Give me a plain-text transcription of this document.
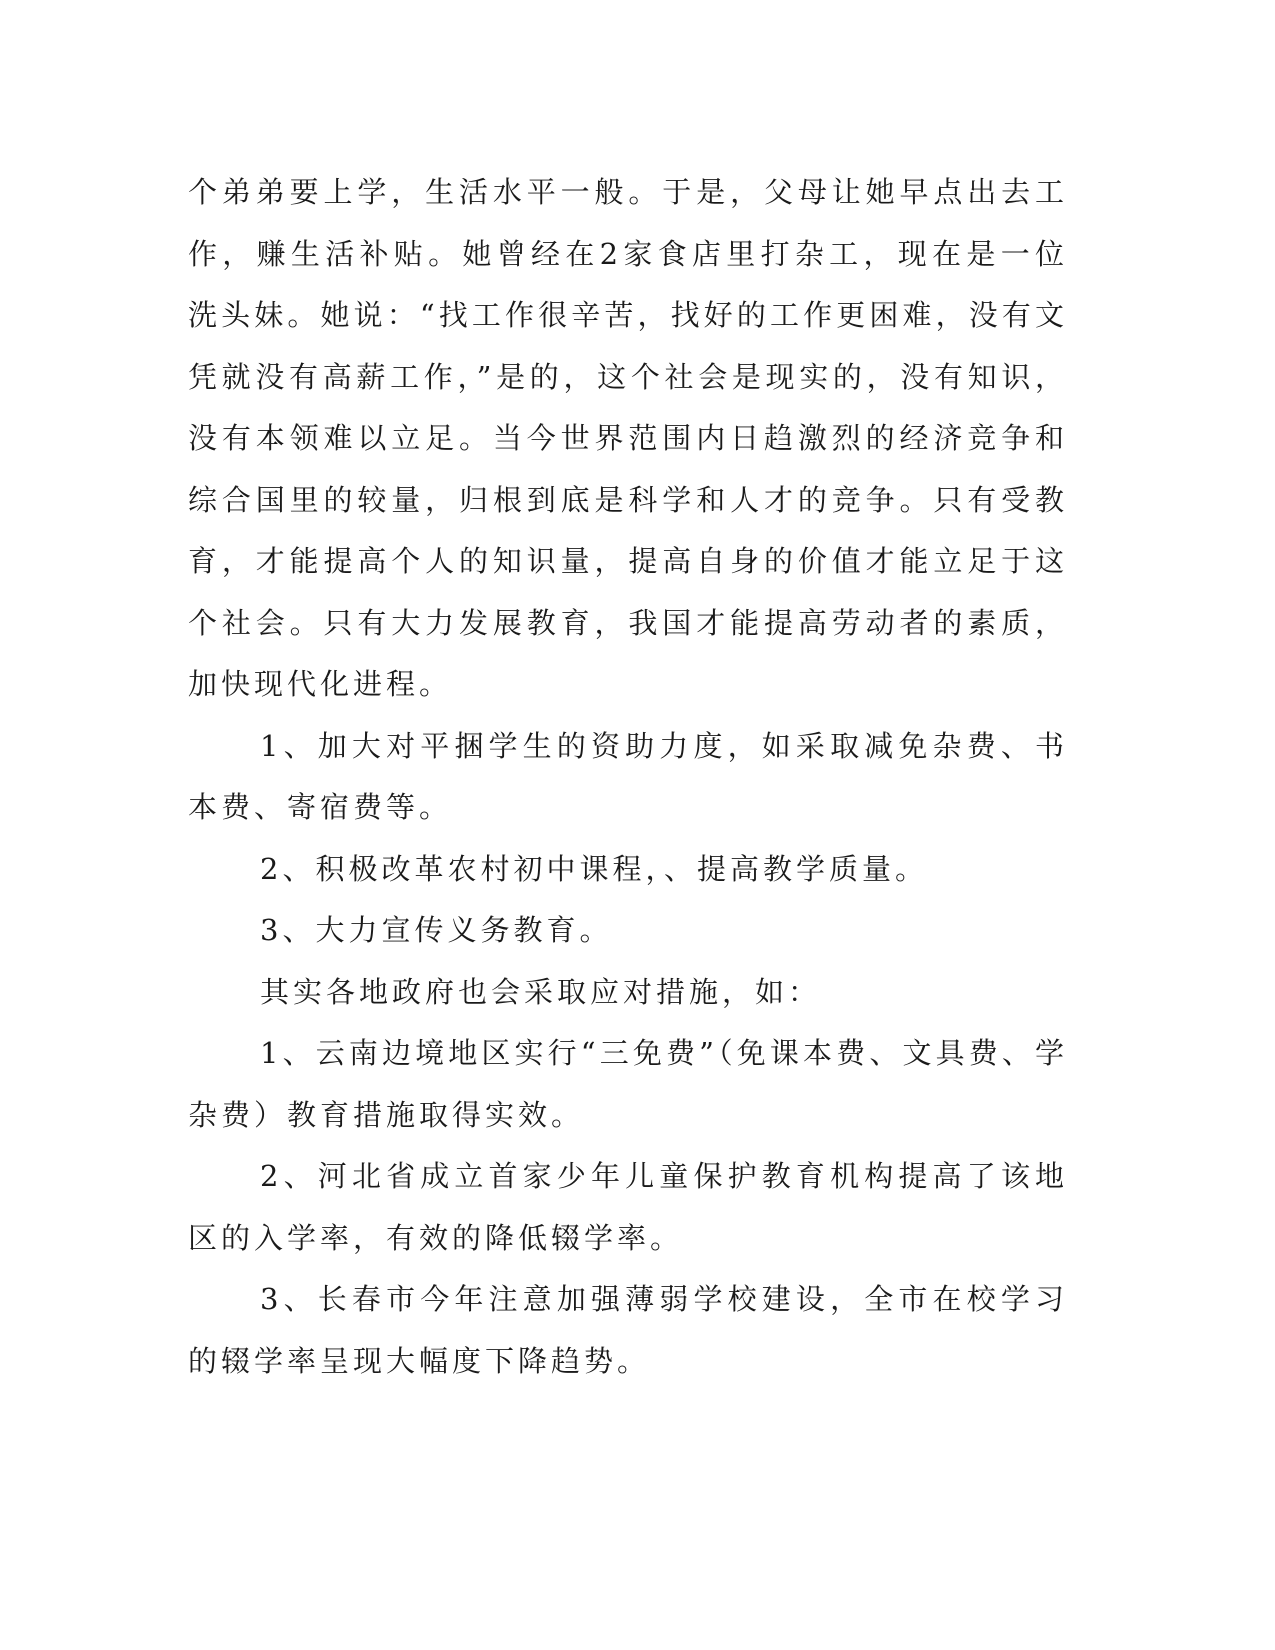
个弟弟要上学，生活水平一般。于是，父母让她早点出去工作，赚生活补贴。她曾经在2家食店里打杂工，现在是一位洗头妹。她说：“找工作很辛苦，找好的工作更困难，没有文凭就没有高薪工作，”是的，这个社会是现实的，没有知识，没有本领难以立足。当今世界范围内日趋激烈的经济竞争和综合国里的较量，归根到底是科学和人才的竞争。只有受教育，才能提高个人的知识量，提高自身的价值才能立足于这个社会。只有大力发展教育，我国才能提高劳动者的素质，加快现代化进程。

1、加大对平捆学生的资助力度，如采取减免杂费、书本费、寄宿费等。

2、积极改革农村初中课程，、提高教学质量。

3、大力宣传义务教育。

其实各地政府也会采取应对措施，如：

1、云南边境地区实行“三免费”（免课本费、文具费、学杂费）教育措施取得实效。

2、河北省成立首家少年儿童保护教育机构提高了该地区的入学率，有效的降低辍学率。

3、长春市今年注意加强薄弱学校建设，全市在校学习的辍学率呈现大幅度下降趋势。
